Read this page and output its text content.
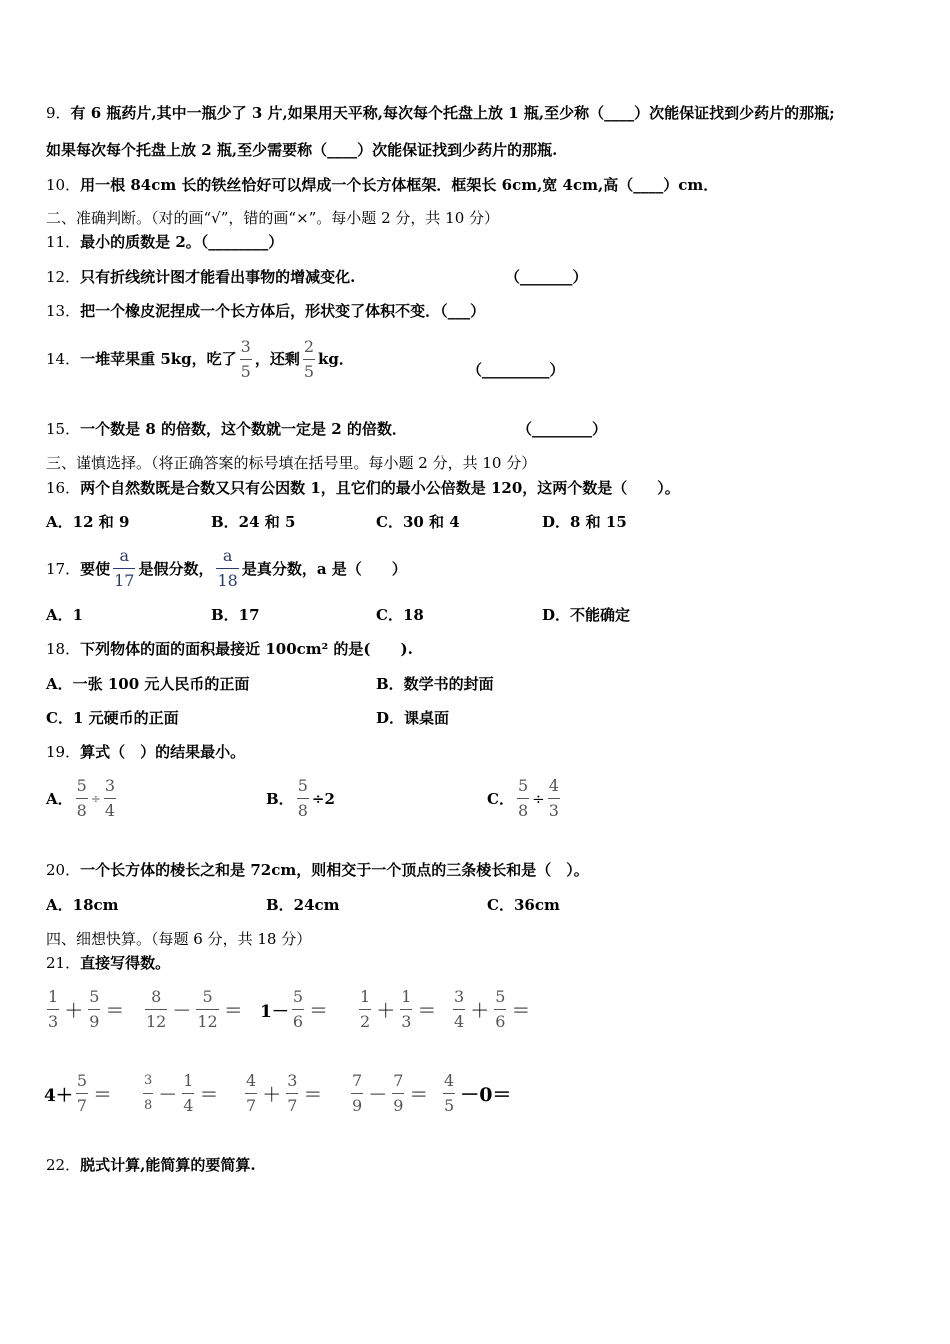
9．有 6 瓶药片,其中一瓶少了 3 片,如果用天平称,每次每个托盘上放 1 瓶,至少称（____）次能保证找到少药片的那瓶;
如果每次每个托盘上放 2 瓶,至少需要称（____）次能保证找到少药片的那瓶.
10．用一根 84cm 长的铁丝恰好可以焊成一个长方体框架．框架长 6cm,宽 4cm,高（____）cm．
二、准确判断。（对的画“√”，错的画“×”。每小题 2 分，共 10 分）
11．最小的质数是 2。（________）
12．只有折线统计图才能看出事物的增减变化.	（_______）
13．把一个橡皮泥捏成一个长方体后，形状变了体积不变．（___）
14． 一堆苹果重 5kg，吃了 $\frac{3}{5}$ ，还剩 $\frac{2}{5}$ kg．
（_________）
15．一个数是 8 的倍数，这个数就一定是 2 的倍数．	（________）
三、谨慎选择。（将正确答案的标号填在括号里。每小题 2 分，共 10 分）
16．两个自然数既是合数又只有公因数 1，且它们的最小公倍数是 120，这两个数是（　　）。
A．12 和 9	B．24 和 5	C．30 和 4	D．8 和 15
17． 要使 $\frac{a}{17}$ 是假分数， $\frac{a}{18}$ 是真分数，a 是（　　）
A．1	B．17	C．18	D．不能确定
18．下列物体的面的面积最接近 100cm² 的是(　　).
A．一张 100 元人民币的正面	B．数学书的封面
C．1 元硬币的正面	D．课桌面
19．算式（　）的结果最小。
A． $\frac{5}{8} \div \frac{3}{4}$	B． $\frac{5}{8} \div 2$	C． $\frac{5}{8} \div \frac{4}{3}$
20．一个长方体的棱长之和是 72cm，则相交于一个顶点的三条棱长和是（　）。
A．18cm	B．24cm	C．36cm
四、细想快算。（每题 6 分，共 18 分）
21．直接写得数。
$\frac{1}{3} + \frac{5}{9} = \frac{8}{12} - \frac{5}{12} = 1- \frac{5}{6} = \frac{1}{2} + \frac{1}{3} = \frac{3}{4} + \frac{5}{6}$ ＝
$4+ \frac{5}{7} = \frac{3}{8} - \frac{1}{4} = \frac{4}{7} + \frac{3}{7} = \frac{7}{9} - \frac{7}{9} = \frac{4}{5} -0=$
22．脱式计算,能简算的要简算.
